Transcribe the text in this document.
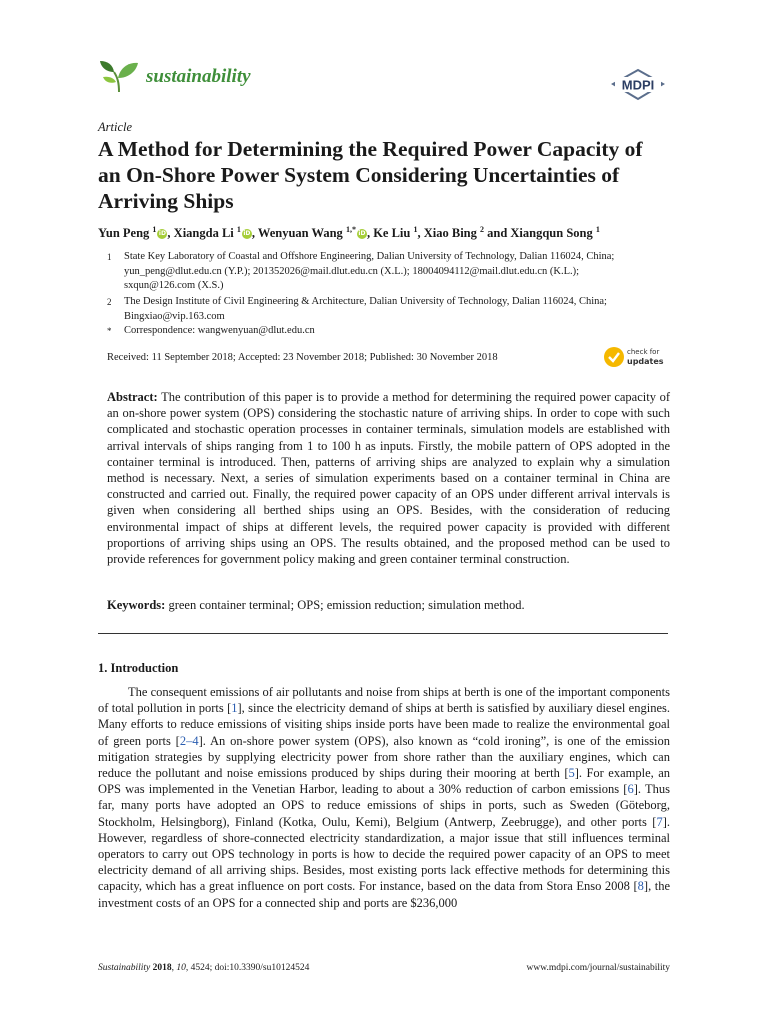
sustainability	MDPI
Article
A Method for Determining the Required Power Capacity of an On-Shore Power System Considering Uncertainties of Arriving Ships
Yun Peng $^1$ iD, Xiangda Li $^1$ iD, Wenyuan Wang $^{1,*}$ iD, Ke Liu $^1$, Xiao Bing $^2$ and Xiangqun Song $^1$
1 State Key Laboratory of Coastal and Offshore Engineering, Dalian University of Technology, Dalian 116024, China; yun_peng@dlut.edu.cn (Y.P.); 201352026@mail.dlut.edu.cn (X.L.); 18004094112@mail.dlut.edu.cn (K.L.); sxqun@126.com (X.S.)
2 The Design Institute of Civil Engineering & Architecture, Dalian University of Technology, Dalian 116024, China; Bingxiao@vip.163.com
* Correspondence: wangwenyuan@dlut.edu.cn
Received: 11 September 2018; Accepted: 23 November 2018; Published: 30 November 2018	check for
updates
Abstract: The contribution of this paper is to provide a method for determining the required power capacity of an on-shore power system (OPS) considering the stochastic nature of arriving ships. In order to cope with such complicated and stochastic operation processes in container terminals, simulation models are established with arrival intervals of ships ranging from 1 to 100 h as inputs. Firstly, the mobile pattern of OPS adopted in the container terminal is introduced. Then, patterns of arriving ships are analyzed to explain why a simulation method is necessary. Next, a series of simulation experiments based on a container terminal in China are constructed and carried out. Finally, the required power capacity of an OPS under different arrival intervals is given when considering all berthed ships using an OPS. Besides, with the consideration of reducing environmental impact of ships at different levels, the required power capacity is provided with different proportions of arriving ships using an OPS. The results obtained, and the proposed method can be used to provide references for government policy making and green container terminal construction.
Keywords: green container terminal; OPS; emission reduction; simulation method.
1. Introduction
The consequent emissions of air pollutants and noise from ships at berth is one of the important components of total pollution in ports [1], since the electricity demand of ships at berth is satisfied by auxiliary diesel engines. Many efforts to reduce emissions of visiting ships inside ports have been made to realize the environmental goal of green ports [2–4]. An on-shore power system (OPS), also known as “cold ironing”, is one of the emission mitigation strategies by supplying electricity power from shore rather than the auxiliary engines, which can reduce the pollutant and noise emissions produced by ships during their mooring at berth [5]. For example, an OPS was implemented in the Venetian Harbor, leading to about a 30% reduction of carbon emissions [6]. Thus far, many ports have adopted an OPS to reduce emissions of ships in ports, such as Sweden (Göteborg, Stockholm, Helsingborg), Finland (Kotka, Oulu, Kemi), Belgium (Antwerp, Zeebrugge), and other ports [7]. However, regardless of shore-connected electricity standardization, a major issue that still influences terminal operators to carry out OPS technology in ports is how to decide the required power capacity of an OPS to meet electricity demand of all arriving ships. Besides, most existing ports lack effective methods for determining this capacity, which has a great influence on port costs. For instance, based on the data from Stora Enso 2008 [8], the investment costs of an OPS for a connected ship and ports are $236,000
Sustainability 2018, 10, 4524; doi:10.3390/su10124524	www.mdpi.com/journal/sustainability
